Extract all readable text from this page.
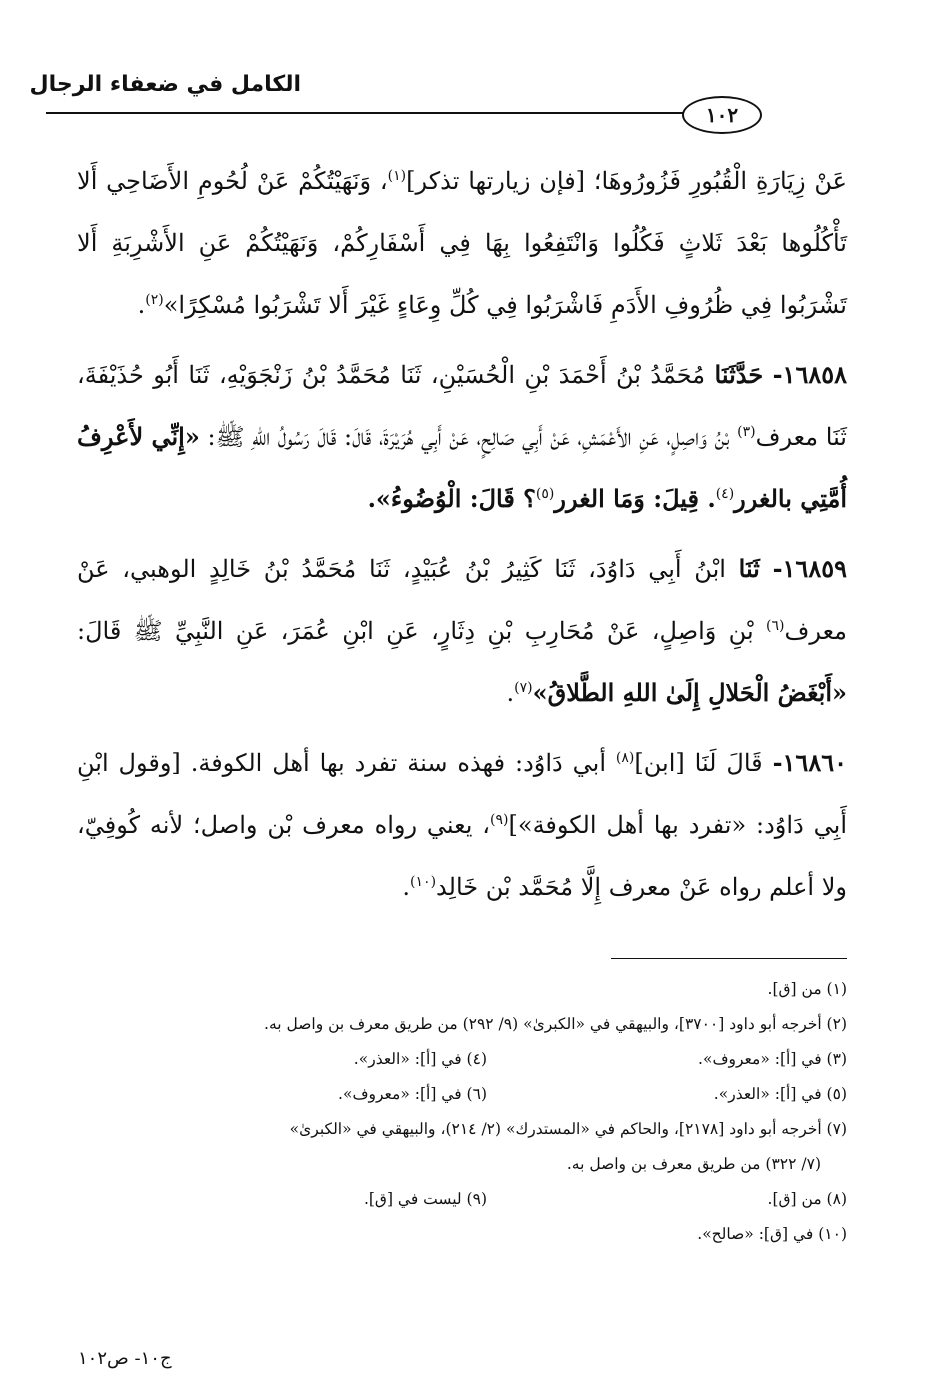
الكامل في ضعفاء الرجال
١٠٢

عَنْ زِيَارَةِ الْقُبُورِ فَزُورُوهَا؛ [فإن زيارتها تذكر]$^{(١)}$، وَنَهَيْتُكُمْ عَنْ لُحُومِ الأَضَاحِي أَلا تَأْكُلُوها بَعْدَ ثَلاثٍ فَكُلُوا وَانْتَفِعُوا بِهَا فِي أَسْفَارِكُمْ، وَنَهَيْتُكُمْ عَنِ الأَشْرِبَةِ أَلا تَشْرَبُوا فِي ظُرُوفِ الأَدَمِ فَاشْرَبُوا فِي كُلِّ وِعَاءٍ غَيْرَ أَلا تَشْرَبُوا مُسْكِرًا»$^{(٢)}$.

١٦٨٥٨- حَدَّثَنَا مُحَمَّدُ بْنُ أَحْمَدَ بْنِ الْحُسَيْنِ، ثَنَا مُحَمَّدُ بْنُ زَنْجَوَيْهِ، ثَنَا أَبُو حُذَيْفَةَ، ثَنَا معرف$^{(٣)}$ بْنُ وَاصِلٍ، عَنِ الأَعْمَشِ، عَنْ أَبِي صَالِحٍ، عَنْ أَبِي هُرَيْرَةَ، قَالَ: قَالَ رَسُولُ اللهِ ﷺ: «إِنِّي لأَعْرِفُ أُمَّتِي بالغرر$^{(٤)}$. قِيلَ: وَمَا الغرر$^{(٥)}$؟ قَالَ: الْوُضُوءُ».

١٦٨٥٩- ثَنَا ابْنُ أَبِي دَاوُدَ، ثَنَا كَثِيرُ بْنُ عُبَيْدٍ، ثَنَا مُحَمَّدُ بْنُ خَالِدٍ الوهبي، عَنْ معرف$^{(٦)}$ بْنِ وَاصِلٍ، عَنْ مُحَارِبِ بْنِ دِثَارٍ، عَنِ ابْنِ عُمَرَ، عَنِ النَّبِيِّ ﷺ قَالَ: «أَبْغَضُ الْحَلالِ إِلَىٰ اللهِ الطَّلاقُ»$^{(٧)}$.

١٦٨٦٠- قَالَ لَنَا [ابن]$^{(٨)}$ أبي دَاوُد: فهذه سنة تفرد بها أهل الكوفة. [وقول ابْنِ أَبِي دَاوُد: «تفرد بها أهل الكوفة»]$^{(٩)}$، يعني رواه معرف بْن واصل؛ لأنه كُوفِيّ، ولا أعلم رواه عَنْ معرف إِلَّا مُحَمَّد بْن خَالِد$^{(١٠)}$.

(١) من [ق].

(٢) أخرجه أبو داود [٣٧٠٠]، والبيهقي في «الكبرىٰ» (٩/ ٢٩٢) من طريق معرف بن واصل به.

(٣) في [أ]: «معروف».

(٤) في [أ]: «العذر».

(٥) في [أ]: «العذر».

(٦) في [أ]: «معروف».

(٧) أخرجه أبو داود [٢١٧٨]، والحاكم في «المستدرك» (٢/ ٢١٤)، والبيهقي في «الكبرىٰ»

(٧/ ٣٢٢) من طريق معرف بن واصل به.

(٨) من [ق].

(٩) ليست في [ق].

(١٠) في [ق]: «صالح».

ج١٠- ص١٠٢
